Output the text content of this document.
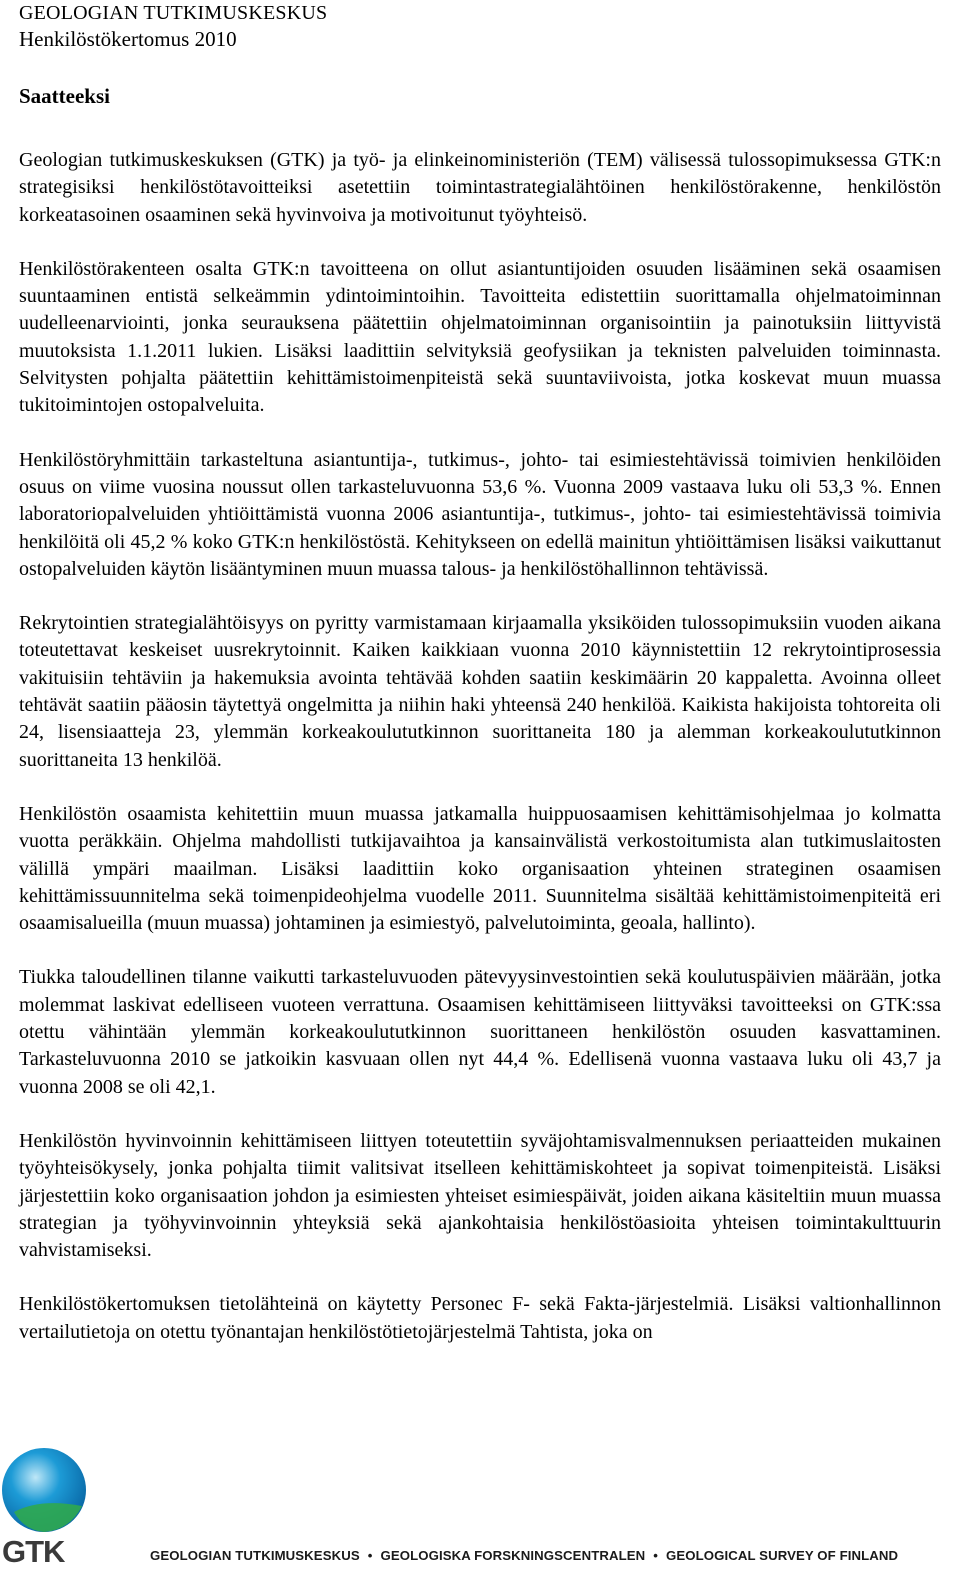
GEOLOGIAN TUTKIMUSKESKUS

Henkilöstökertomus 2010

Saatteeksi

Geologian tutkimuskeskuksen (GTK) ja työ- ja elinkeinoministeriön (TEM) välisessä tulossopimuksessa GTK:n strategisiksi henkilöstötavoitteiksi asetettiin toimintastrategialähtöinen henkilöstörakenne, henkilöstön korkeatasoinen osaaminen sekä hyvinvoiva ja motivoitunut työyhteisö.

Henkilöstörakenteen osalta GTK:n tavoitteena on ollut asiantuntijoiden osuuden lisääminen sekä osaamisen suuntaaminen entistä selkeämmin ydintoimintoihin. Tavoitteita edistettiin suorittamalla ohjelmatoiminnan uudelleenarviointi, jonka seurauksena päätettiin ohjelmatoiminnan organisointiin ja painotuksiin liittyvistä muutoksista 1.1.2011 lukien. Lisäksi laadittiin selvityksiä geofysiikan ja teknisten palveluiden toiminnasta. Selvitysten pohjalta päätettiin kehittämistoimenpiteistä sekä suuntaviivoista, jotka koskevat muun muassa tukitoimintojen ostopalveluita.

Henkilöstöryhmittäin tarkasteltuna asiantuntija-, tutkimus-, johto- tai esimiestehtävissä toimivien henkilöiden osuus on viime vuosina noussut ollen tarkasteluvuonna 53,6 %. Vuonna 2009 vastaava luku oli 53,3 %. Ennen laboratoriopalveluiden yhtiöittämistä vuonna 2006 asiantuntija-, tutkimus-, johto- tai esimiestehtävissä toimivia henkilöitä oli 45,2 % koko GTK:n henkilöstöstä. Kehitykseen on edellä mainitun yhtiöittämisen lisäksi vaikuttanut ostopalveluiden käytön lisääntyminen muun muassa talous- ja henkilöstöhallinnon tehtävissä.

Rekrytointien strategialähtöisyys on pyritty varmistamaan kirjaamalla yksiköiden tulossopimuksiin vuoden aikana toteutettavat keskeiset uusrekrytoinnit. Kaiken kaikkiaan vuonna 2010 käynnistettiin 12 rekrytointiprosessia vakituisiin tehtäviin ja hakemuksia avointa tehtävää kohden saatiin keskimäärin 20 kappaletta. Avoinna olleet tehtävät saatiin pääosin täytettyä ongelmitta ja niihin haki yhteensä 240 henkilöä. Kaikista hakijoista tohtoreita oli 24, lisensiaatteja 23, ylemmän korkeakoulututkinnon suorittaneita 180 ja alemman korkeakoulututkinnon suorittaneita 13 henkilöä.

Henkilöstön osaamista kehitettiin muun muassa jatkamalla huippuosaamisen kehittämisohjelmaa jo kolmatta vuotta peräkkäin. Ohjelma mahdollisti tutkijavaihtoa ja kansainvälistä verkostoitumista alan tutkimuslaitosten välillä ympäri maailman. Lisäksi laadittiin koko organisaation yhteinen strateginen osaamisen kehittämissuunnitelma sekä toimenpideohjelma vuodelle 2011. Suunnitelma sisältää kehittämistoimenpiteitä eri osaamisalueilla (muun muassa) johtaminen ja esimiestyö, palvelutoiminta, geoala, hallinto).

Tiukka taloudellinen tilanne vaikutti tarkasteluvuoden pätevyysinvestointien sekä koulutuspäivien määrään, jotka molemmat laskivat edelliseen vuoteen verrattuna. Osaamisen kehittämiseen liittyväksi tavoitteeksi on GTK:ssa otettu vähintään ylemmän korkeakoulututkinnon suorittaneen henkilöstön osuuden kasvattaminen. Tarkasteluvuonna 2010 se jatkoikin kasvuaan ollen nyt 44,4 %. Edellisenä vuonna vastaava luku oli 43,7 ja vuonna 2008 se oli 42,1.

Henkilöstön hyvinvoinnin kehittämiseen liittyen toteutettiin syväjohtamisvalmennuksen periaatteiden mukainen työyhteisökysely, jonka pohjalta tiimit valitsivat itselleen kehittämiskohteet ja sopivat toimenpiteistä. Lisäksi järjestettiin koko organisaation johdon ja esimiesten yhteiset esimiespäivät, joiden aikana käsiteltiin muun muassa strategian ja työhyvinvoinnin yhteyksiä sekä ajankohtaisia henkilöstöasioita yhteisen toimintakulttuurin vahvistamiseksi.

Henkilöstökertomuksen tietolähteinä on käytetty Personec F- sekä Fakta-järjestelmiä. Lisäksi valtionhallinnon vertailutietoja on otettu työnantajan henkilöstötietojärjestelmä Tahtista, joka on

GTK	GEOLOGIAN TUTKIMUSKESKUS • GEOLOGISKA FORSKNINGSCENTRALEN • GEOLOGICAL SURVEY OF FINLAND
